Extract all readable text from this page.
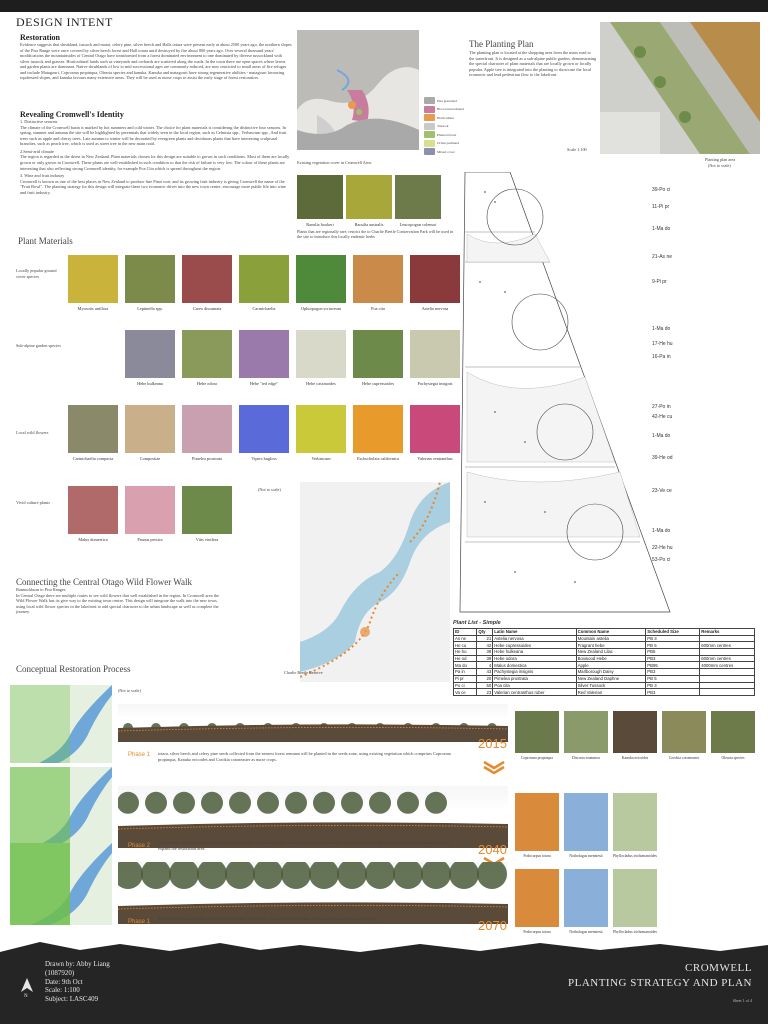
DESIGN INTENT
Restoration
Evidence suggests that shrubland, tussock and matai, celery pine, silver beech and Halls totara were present early at about 2500 years ago, the northern slopes of the Pisa Range were once covered by silver beech forest and Hall totara until destroyed by fire about 800 years ago. Over several thousand years' modifications the mountainsides of Central Otago have transformed from a forest dominated environment to one dominated by diverse tussockland with silver tussock and grasses. Horticultural lands such as vineyards and orchards are scattered along the roads. In the town there are open spaces where lawns and garden plants are dominant. Native shrublands of low to mid successional ages are commonly reduced, are now restricted to small areas of fire refuges and include Matagouri, Coprosma propinqua, Olearia species and kanuka. Kanuka and matagouri have strong regenerative abilities - matagouri favouring topdressed slopes, and kanuka favours many extensive areas. They will be used as nurse crops to assist the early stage of forest restoration.
Revealing Cromwell's Identity
1. Distinctive seasons
The climate of the Cromwell basin is marked by hot summers and cold winter. The choice for plant materials is considering the distinctive four seasons. In spring, summer and autumn the site will be highlighted by perennials that widely seen in the local region, such as Celmisia spp., Verbascum spp., And fruit trees such as apple and cherry trees. Late autumn to winter will be decorated by evergreen plants and deciduous plants that have interesting sculptural branches, such as peach tree, which is used as street tree in the new main road.
2.Semi-arid climate
The region is regarded as the driest in New Zealand. Plant materials chosen for this design are suitable to grown in such conditions. Most of them are locally grown or only grown in Cromwell. These plants are well-established in such condition so that the risk of failure is very low. The colour of these plants are interesting that also reflecting strong Cromwell identity, for example Poa Cita which is spread throughout the region.
3. Wine and fruit industry
Cromwell is known as one of the best places in New Zealand to produce fine Pinot noir, and its growing fruit industry is giving Cromwell the name of the "Fruit Bowl". The planting strategy for this design will integrate these two economic driver into the new town centre, encourage more public life into wine and fruit industry.
Pisa grassland
Brown tussockland
Horticulture
Tussock
Planted forest
Urban parkland
Mixed cover
Existing vegetation cover in Cromwell Area.
Raoulia hookeri	Raoulia australis	Leucopogon colensoi
Plants that are regionally rare, restrict the to Charlie Beetle Conservation Park will be used in the site to introduce this locally endemic herbs
The Planting Plan
The planting plan is located at the shopping area from the main road to the waterfront. It is designed as a sub-alpine public garden, demonstrating the special character of plant materials that are locally grown or locally popular. Apple tree is integrated into the planting to showcase the local economic and lead pedestrian flow to the lakefront.
Scale 1:100
Planting plan area
(Not to scale)
39-Po ci
11-Pi pr
1-Ma do
21-As ne
9-Pi pr
1-Ma do
17-He hu
16-Pa in
27-Po in
42-He cu
1-Ma do
39-He od
23-Ve ce
1-Ma do
22-He hu
53-Po ci
Plant Materials
Locally popular ground cover species
Sub-alpine garden species
Local wild flowers
Vivid culture plants
Myosotis uniflora	Leptinella spp.	Carex dissumata	Carmichaelia	Ophiopogon scriaceum	Poa cita	Astelia nervosa
Hebe hulkeana	Hebe odora	Hebe "red edge"	Hebe cassinoides	Hebe cupressoides	Pachystegia insignis
Carmichaelia compacta	Compositae	Pimelea prostrata	Vipers bugloss	Verbascum	Eschscholzia californica	Valerian centranthus
Malus domestica	Prunus persica	Vitis vinifera
(Not to scale)
Charlie Beetle Reserve
Connecting the Central Otago Wild Flower Walk
Bannockburn to Pisa Ranges
In Central Otago there are multiple routes to see wild flowers that well established in the region. In Cromwell area the Wild Flower Walk has its give way to the existing town centre. This design will integrate the walk into the new town, using local wild flower species in the lakefront to add special character to the urban landscape as well as complete the journey.
Plant List - Simple
ID	Qty	Latin Name	Common Name	Scheduled Size	Remarks
As ne	21	Astelia nervosa	Mountain astelia	PB 3	
He cu	42	Hebe cupressoides	Fragrant hebe	PB 5	600mm centres
He hu	39	Hebe hulkeana	New Zealand Lilac	PB5	
He od	39	Hebe odora	Boxwood Hebe	PB3	600mm centres
Ma do	4	Malus domestica	Apple	PB95	4000mm centres
Pa in	43	Pachystegia insignis	Marlborough Daisy	PB3	
Pi pr	20	Pimelea prostrata	New Zealand Daphne	PB 5	
Po ci	50	Poa cita	Silver Tussock	PB 3	
Va ce	23	Valerian centranthus ruber	Red Valerian	PB3	
Conceptual Restoration Process
(Not to scale)
2015
Phase 1 totara, silver beech and celery pine seeds collected from the nearest forest remnant will be planted in the seeds zone, using existing vegetation which comprises Coprosma propinqua, Kanuka ericoides and Corokia cotoneaster as nurse crops.	Coprosma propinqua	Discaria toumatou	Kanuka ericoides	Corokia cotoneaster	Olearia species
2040
Phase 2
silver beech canopies started to cover and slowly outgrow the nurse crops, totara and celery pine starting to reach 2-5 meters height, more nurse crops are being planted to expand the restoration area.
Podocarpus totara	Nothofagus menziesii	Phyllocladus trichomanoides
2070
Phase 1
Totara canopies reach higher than silver beech and celery pines, restoration area continue to expand repeating the same process.
Podocarpus totara	Nothofagus menziesii	Phyllocladus trichomanoides
Drawn by: Abby Liang
(1087920)
Date: 9th Oct
Scale: 1:100
Subject: LASC409
N
CROMWELL
PLANTING STRATEGY AND PLAN
Sheet 1 of 4
